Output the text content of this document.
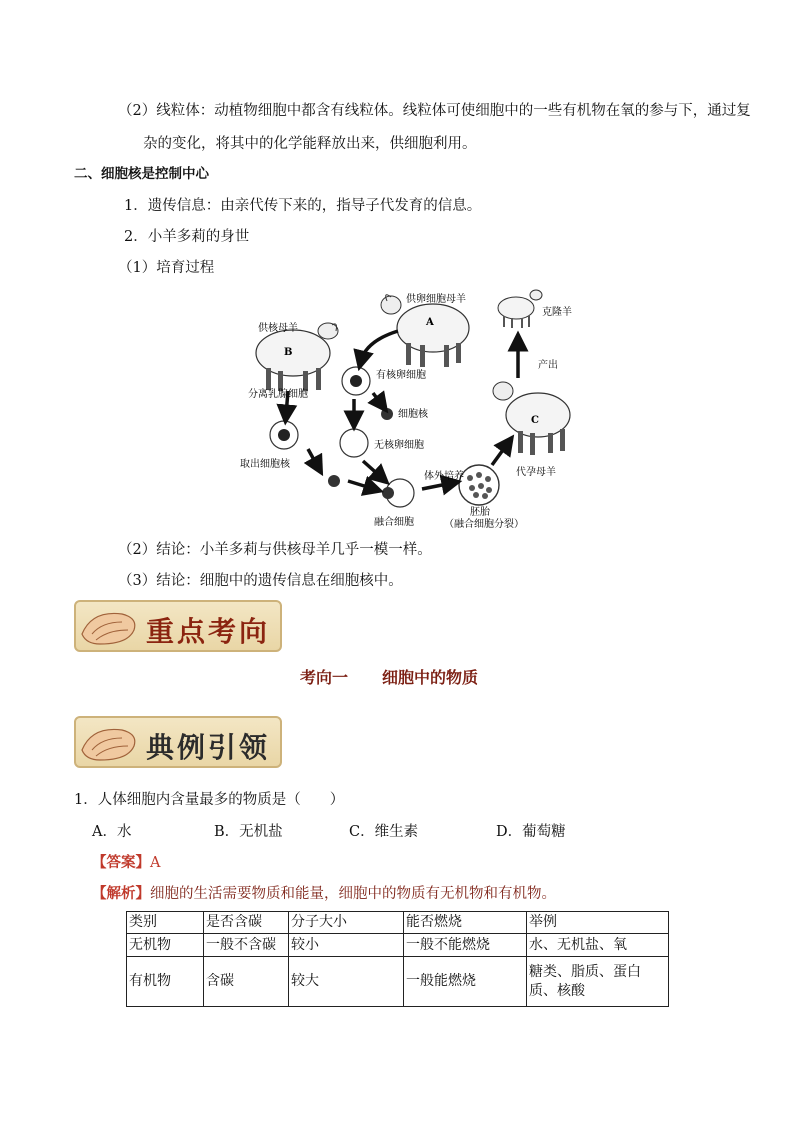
（2）线粒体：动植物细胞中都含有线粒体。线粒体可使细胞中的一些有机物在氧的参与下，通过复
杂的变化，将其中的化学能释放出来，供细胞利用。
二、细胞核是控制中心
1．遗传信息：由亲代传下来的，指导子代发育的信息。
2．小羊多莉的身世
（1）培育过程
供卵细胞母羊
A
供核母羊
B
C
克隆羊
产出
有核卵细胞
细胞核
无核卵细胞
分离乳腺细胞
取出细胞核
体外培养
融合细胞
胚胎
（融合细胞分裂）
代孕母羊
（2）结论：小羊多莉与供核母羊几乎一模一样。
（3）结论：细胞中的遗传信息在细胞核中。
重点考向
考向一 细胞中的物质
典例引领
1．人体细胞内含量最多的物质是（　　）
A．水	B．无机盐	C．维生素	D．葡萄糖
【答案】A
【解析】细胞的生活需要物质和能量，细胞中的物质有无机物和有机物。
类别	是否含碳	分子大小	能否燃烧	举例
无机物	一般不含碳	较小	一般不能燃烧	水、无机盐、氧
有机物	含碳	较大	一般能燃烧	糖类、脂质、蛋白质、核酸
